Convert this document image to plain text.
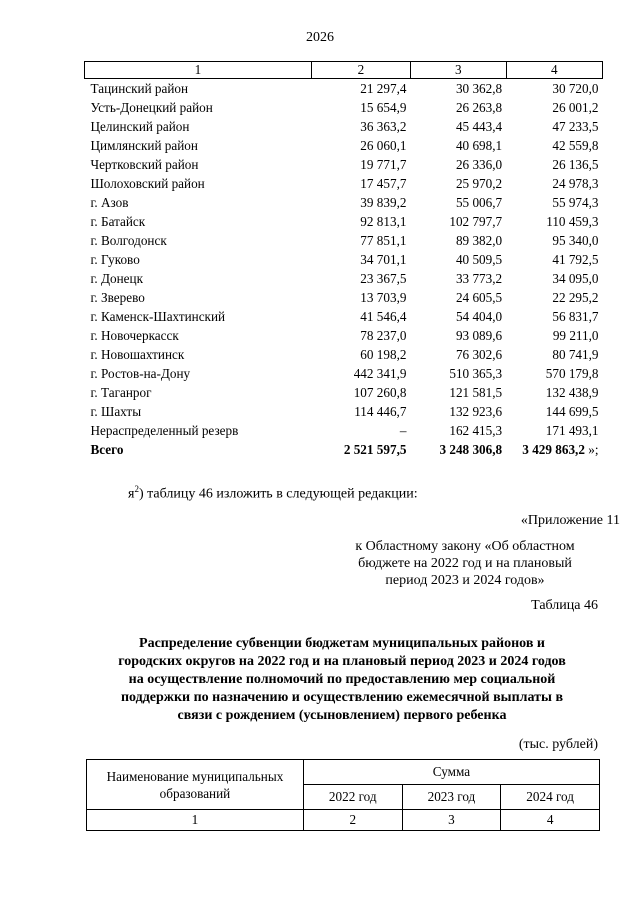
2026
1	2	3	4
Тацинский район	21 297,4	30 362,8	30 720,0
Усть-Донецкий район	15 654,9	26 263,8	26 001,2
Целинский район	36 363,2	45 443,4	47 233,5
Цимлянский район	26 060,1	40 698,1	42 559,8
Чертковский район	19 771,7	26 336,0	26 136,5
Шолоховский район	17 457,7	25 970,2	24 978,3
г. Азов	39 839,2	55 006,7	55 974,3
г. Батайск	92 813,1	102 797,7	110 459,3
г. Волгодонск	77 851,1	89 382,0	95 340,0
г. Гуково	34 701,1	40 509,5	41 792,5
г. Донецк	23 367,5	33 773,2	34 095,0
г. Зверево	13 703,9	24 605,5	22 295,2
г. Каменск-Шахтинский	41 546,4	54 404,0	56 831,7
г. Новочеркасск	78 237,0	93 089,6	99 211,0
г. Новошахтинск	60 198,2	76 302,6	80 741,9
г. Ростов-на-Дону	442 341,9	510 365,3	570 179,8
г. Таганрог	107 260,8	121 581,5	132 438,9
г. Шахты	114 446,7	132 923,6	144 699,5
Нераспределенный резерв	–	162 415,3	171 493,1
Всего	2 521 597,5	3 248 306,8	3 429 863,2 »;
$я^2$) таблицу 46 изложить в следующей редакции:
«Приложение 11
к Областному закону «Об областном
бюджете на 2022 год и на плановый
период 2023 и 2024 годов»
Таблица 46
Распределение субвенции бюджетам муниципальных районов и
городских округов на 2022 год и на плановый период 2023 и 2024 годов
на осуществление полномочий по предоставлению мер социальной
поддержки по назначению и осуществлению ежемесячной выплаты в
связи с рождением (усыновлением) первого ребенка
(тыс. рублей)
Наименование муниципальных
образований	Сумма		
	2022 год	2023 год	2024 год
1	2	3	4
